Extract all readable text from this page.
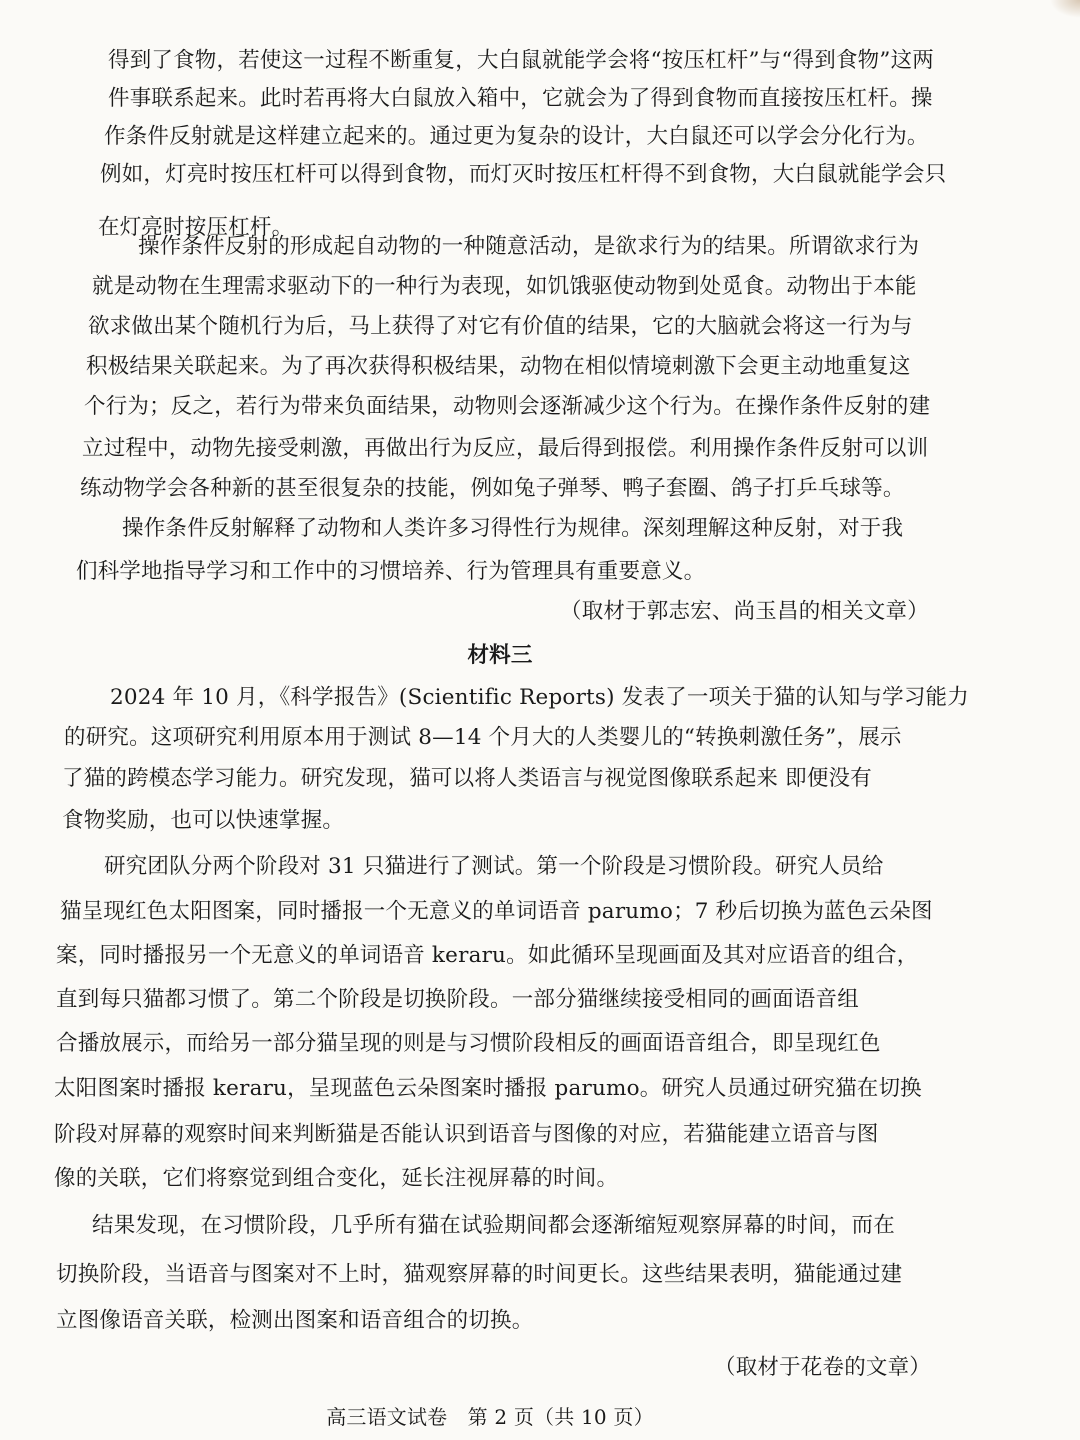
得到了食物，若使这一过程不断重复，大白鼠就能学会将“按压杠杆”与“得到食物”这两
件事联系起来。此时若再将大白鼠放入箱中，它就会为了得到食物而直接按压杠杆。操
作条件反射就是这样建立起来的。通过更为复杂的设计，大白鼠还可以学会分化行为。
例如，灯亮时按压杠杆可以得到食物，而灯灭时按压杠杆得不到食物，大白鼠就能学会只
在灯亮时按压杠杆。
操作条件反射的形成起自动物的一种随意活动，是欲求行为的结果。所谓欲求行为
就是动物在生理需求驱动下的一种行为表现，如饥饿驱使动物到处觅食。动物出于本能
欲求做出某个随机行为后，马上获得了对它有价值的结果，它的大脑就会将这一行为与
积极结果关联起来。为了再次获得积极结果，动物在相似情境刺激下会更主动地重复这
个行为；反之，若行为带来负面结果，动物则会逐渐减少这个行为。在操作条件反射的建
立过程中，动物先接受刺激，再做出行为反应，最后得到报偿。利用操作条件反射可以训
练动物学会各种新的甚至很复杂的技能，例如兔子弹琴、鸭子套圈、鸽子打乒乓球等。
操作条件反射解释了动物和人类许多习得性行为规律。深刻理解这种反射，对于我
们科学地指导学习和工作中的习惯培养、行为管理具有重要意义。
（取材于郭志宏、尚玉昌的相关文章）
材料三
2024 年 10 月，《科学报告》(Scientific Reports) 发表了一项关于猫的认知与学习能力
的研究。这项研究利用原本用于测试 8—14 个月大的人类婴儿的“转换刺激任务”，展示
了猫的跨模态学习能力。研究发现，猫可以将人类语言与视觉图像联系起来 即便没有
食物奖励，也可以快速掌握。
研究团队分两个阶段对 31 只猫进行了测试。第一个阶段是习惯阶段。研究人员给
猫呈现红色太阳图案，同时播报一个无意义的单词语音 parumo；7 秒后切换为蓝色云朵图
案，同时播报另一个无意义的单词语音 keraru。如此循环呈现画面及其对应语音的组合，
直到每只猫都习惯了。第二个阶段是切换阶段。一部分猫继续接受相同的画面语音组
合播放展示，而给另一部分猫呈现的则是与习惯阶段相反的画面语音组合，即呈现红色
太阳图案时播报 keraru，呈现蓝色云朵图案时播报 parumo。研究人员通过研究猫在切换
阶段对屏幕的观察时间来判断猫是否能认识到语音与图像的对应，若猫能建立语音与图
像的关联，它们将察觉到组合变化，延长注视屏幕的时间。
结果发现，在习惯阶段，几乎所有猫在试验期间都会逐渐缩短观察屏幕的时间，而在
切换阶段，当语音与图案对不上时，猫观察屏幕的时间更长。这些结果表明，猫能通过建
立图像语音关联，检测出图案和语音组合的切换。
（取材于花卷的文章）
高三语文试卷　第 2 页（共 10 页）
